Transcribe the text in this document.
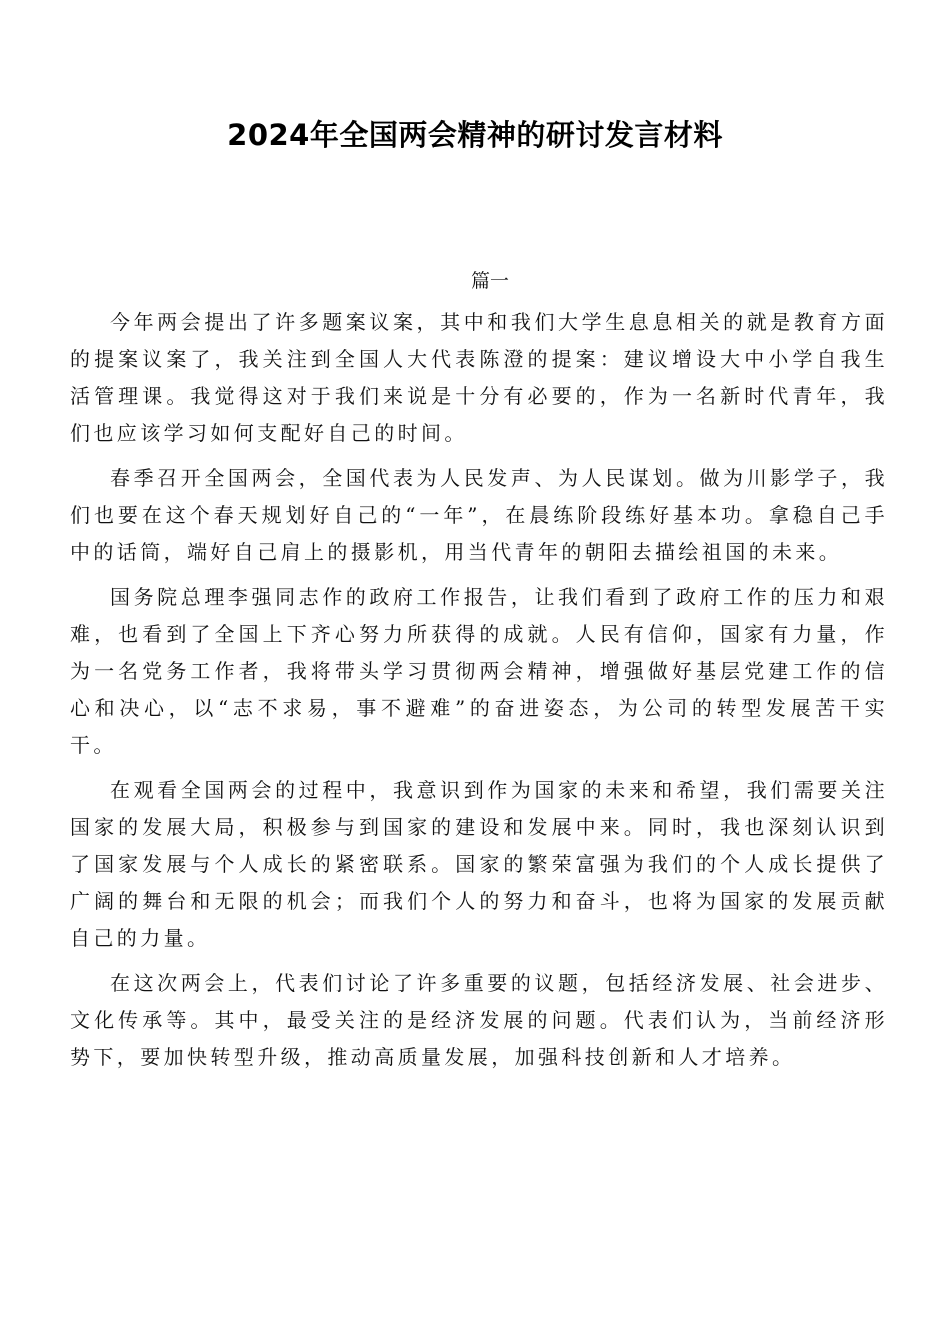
2024年全国两会精神的研讨发言材料
篇一

今年两会提出了许多题案议案，其中和我们大学生息息相关的就是教育方面的提案议案了，我关注到全国人大代表陈澄的提案：建议增设大中小学自我生活管理课。我觉得这对于我们来说是十分有必要的，作为一名新时代青年，我们也应该学习如何支配好自己的时间。

春季召开全国两会，全国代表为人民发声、为人民谋划。做为川影学子，我们也要在这个春天规划好自己的“一年”，在晨练阶段练好基本功。拿稳自己手中的话筒，端好自己肩上的摄影机，用当代青年的朝阳去描绘祖国的未来。

国务院总理李强同志作的政府工作报告，让我们看到了政府工作的压力和艰难，也看到了全国上下齐心努力所获得的成就。人民有信仰，国家有力量，作为一名党务工作者，我将带头学习贯彻两会精神，增强做好基层党建工作的信心和决心，以“志不求易，事不避难”的奋进姿态，为公司的转型发展苦干实干。

在观看全国两会的过程中，我意识到作为国家的未来和希望，我们需要关注国家的发展大局，积极参与到国家的建设和发展中来。同时，我也深刻认识到了国家发展与个人成长的紧密联系。国家的繁荣富强为我们的个人成长提供了广阔的舞台和无限的机会；而我们个人的努力和奋斗，也将为国家的发展贡献自己的力量。

在这次两会上，代表们讨论了许多重要的议题，包括经济发展、社会进步、文化传承等。其中，最受关注的是经济发展的问题。代表们认为，当前经济形势下，要加快转型升级，推动高质量发展，加强科技创新和人才培养。
